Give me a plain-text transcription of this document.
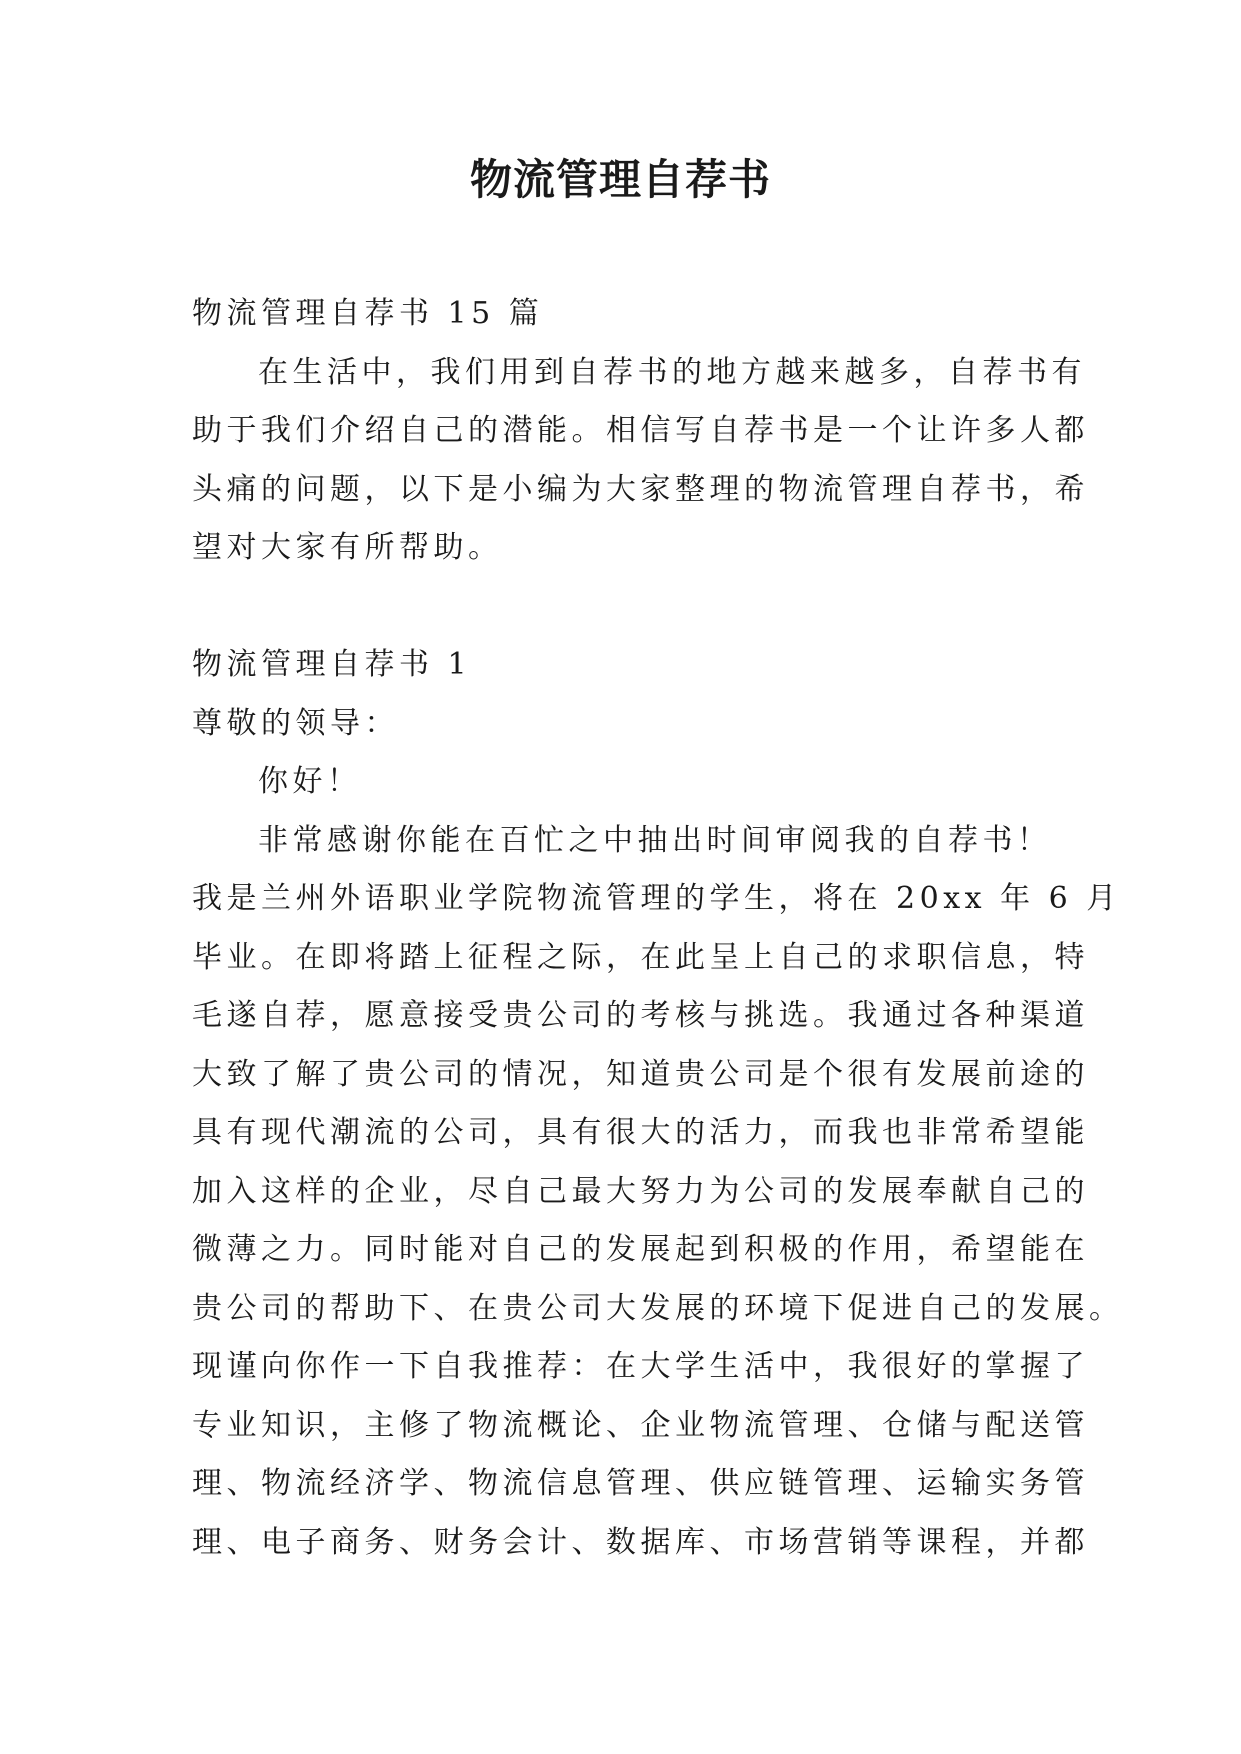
物流管理自荐书
物流管理自荐书 15 篇
在生活中，我们用到自荐书的地方越来越多，自荐书有
助于我们介绍自己的潜能。相信写自荐书是一个让许多人都
头痛的问题，以下是小编为大家整理的物流管理自荐书，希
望对大家有所帮助。
物流管理自荐书 1
尊敬的领导：
你好！
非常感谢你能在百忙之中抽出时间审阅我的自荐书！
我是兰州外语职业学院物流管理的学生，将在 20xx 年 6 月
毕业。在即将踏上征程之际，在此呈上自己的求职信息，特
毛遂自荐，愿意接受贵公司的考核与挑选。我通过各种渠道
大致了解了贵公司的情况，知道贵公司是个很有发展前途的
具有现代潮流的公司，具有很大的活力，而我也非常希望能
加入这样的企业，尽自己最大努力为公司的发展奉献自己的
微薄之力。同时能对自己的发展起到积极的作用，希望能在
贵公司的帮助下、在贵公司大发展的环境下促进自己的发展。
现谨向你作一下自我推荐：在大学生活中，我很好的掌握了
专业知识，主修了物流概论、企业物流管理、仓储与配送管
理、物流经济学、物流信息管理、供应链管理、运输实务管
理、电子商务、财务会计、数据库、市场营销等课程，并都
